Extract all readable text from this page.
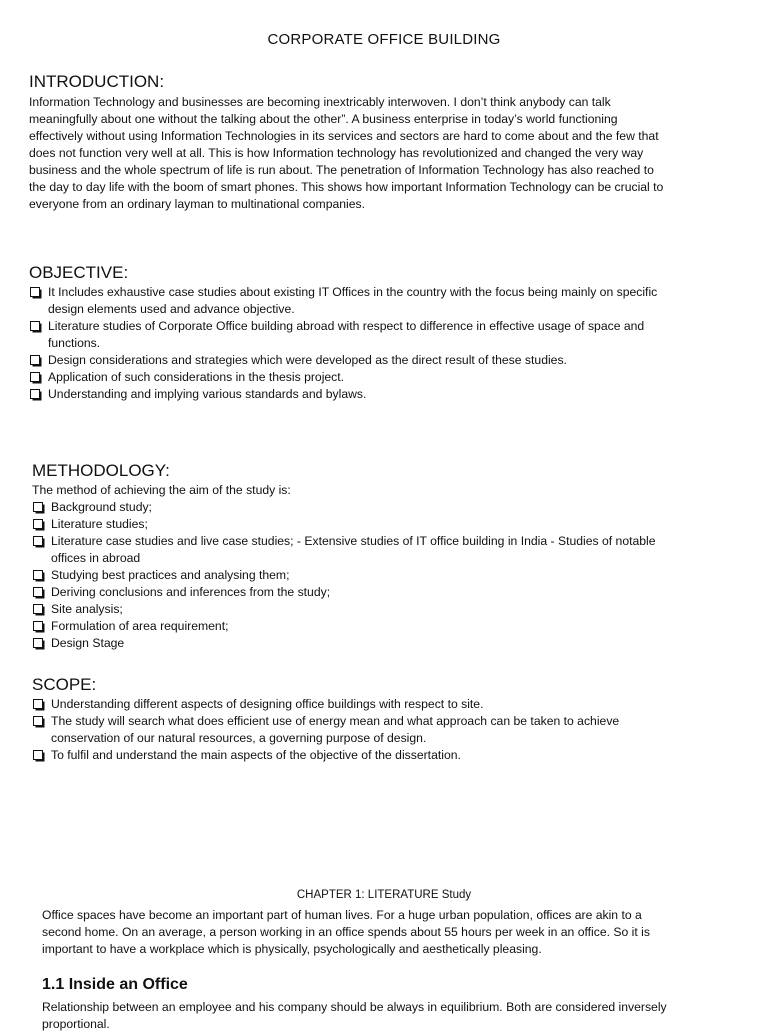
CORPORATE OFFICE BUILDING
INTRODUCTION:
Information Technology and businesses are becoming inextricably interwoven. I don’t think anybody can talk
meaningfully about one without the talking about the other”. A business enterprise in today’s world functioning
effectively without using Information Technologies in its services and sectors are hard to come about and the few that
does not function very well at all. This is how Information technology has revolutionized and changed the very way
business and the whole spectrum of life is run about. The penetration of Information Technology has also reached to
the day to day life with the boom of smart phones. This shows how important Information Technology can be crucial to
everyone from an ordinary layman to multinational companies.
OBJECTIVE:
It Includes exhaustive case studies about existing IT Offices in the country with the focus being mainly on specific
design elements used and advance objective.
Literature studies of Corporate Office building abroad with respect to difference in effective usage of space and
functions.
Design considerations and strategies which were developed as the direct result of these studies.
Application of such considerations in the thesis project.
Understanding and implying various standards and bylaws.
METHODOLOGY:
The method of achieving the aim of the study is:
Background study;
Literature studies;
Literature case studies and live case studies; - Extensive studies of IT office building in India - Studies of notable
offices in abroad
Studying best practices and analysing them;
Deriving conclusions and inferences from the study;
Site analysis;
Formulation of area requirement;
Design Stage
SCOPE:
Understanding different aspects of designing office buildings with respect to site.
The study will search what does efficient use of energy mean and what approach can be taken to achieve
conservation of our natural resources, a governing purpose of design.
To fulfil and understand the main aspects of the objective of the dissertation.
CHAPTER 1: LITERATURE Study
Office spaces have become an important part of human lives. For a huge urban population, offices are akin to a
second home. On an average, a person working in an office spends about 55 hours per week in an office. So it is
important to have a workplace which is physically, psychologically and aesthetically pleasing.
1.1 Inside an Office
Relationship between an employee and his company should be always in equilibrium. Both are considered inversely
proportional.
